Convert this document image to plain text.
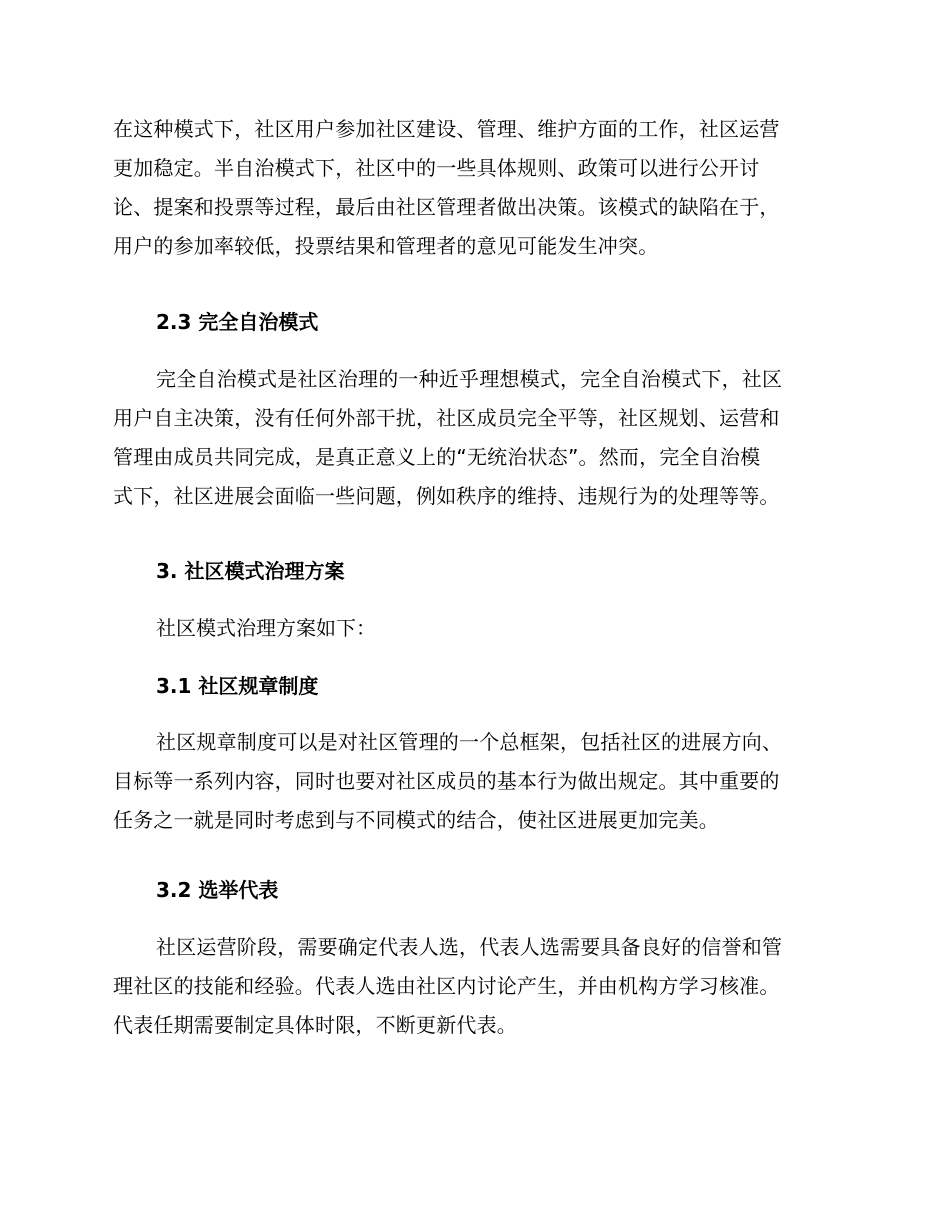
在这种模式下，社区用户参加社区建设、管理、维护方面的工作，社区运营
更加稳定。半自治模式下，社区中的一些具体规则、政策可以进行公开讨
论、提案和投票等过程，最后由社区管理者做出决策。该模式的缺陷在于，
用户的参加率较低，投票结果和管理者的意见可能发生冲突。

2.3 完全自治模式

完全自治模式是社区治理的一种近乎理想模式，完全自治模式下，社区
用户自主决策，没有任何外部干扰，社区成员完全平等，社区规划、运营和
管理由成员共同完成，是真正意义上的“无统治状态”。然而，完全自治模
式下，社区进展会面临一些问题，例如秩序的维持、违规行为的处理等等。

3. 社区模式治理方案

社区模式治理方案如下：

3.1 社区规章制度

社区规章制度可以是对社区管理的一个总框架，包括社区的进展方向、
目标等一系列内容，同时也要对社区成员的基本行为做出规定。其中重要的
任务之一就是同时考虑到与不同模式的结合，使社区进展更加完美。

3.2 选举代表

社区运营阶段，需要确定代表人选，代表人选需要具备良好的信誉和管
理社区的技能和经验。代表人选由社区内讨论产生，并由机构方学习核准。
代表任期需要制定具体时限，不断更新代表。
